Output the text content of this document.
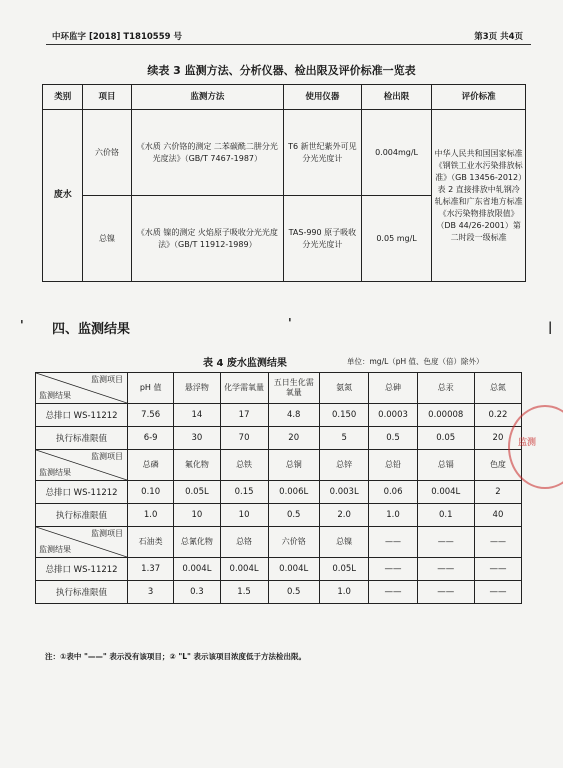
中环监字 [2018] T1810559 号	第3页 共4页
续表 3 监测方法、分析仪器、检出限及评价标准一览表
类别	项目	监测方法	使用仪器	检出限	评价标准
废水	六价铬	《水质 六价铬的测定 二苯碳酰二肼分光光度法》（GB/T 7467-1987）	T6 新世纪紫外可见分光光度计	0.004mg/L	中华人民共和国国家标准《钢铁工业水污染排放标准》（GB 13456-2012）表 2 直接排放中轧钢冷轧标准和广东省地方标准《水污染物排放限值》（DB 44/26-2001）第二时段一级标准
	总镍	《水质 镍的测定 火焰原子吸收分光光度法》（GB/T 11912-1989）	TAS-990 原子吸收分光光度计	0.05 mg/L	
四、监测结果
表 4 废水监测结果	单位：mg/L（pH 值、色度（倍）除外）
监测项目
监测结果	pH 值	悬浮物	化学需氧量	五日生化需氧量	氨氮	总砷	总汞	总氮
总排口 WS-11212	7.56	14	17	4.8	0.150	0.0003	0.00008	0.22
执行标准限值	6-9	30	70	20	5	0.5	0.05	20

监测项目
监测结果	总磷	氟化物	总铁	总铜	总锌	总铅	总镉	色度
总排口 WS-11212	0.10	0.05L	0.15	0.006L	0.003L	0.06	0.004L	2
执行标准限值	1.0	10	10	0.5	2.0	1.0	0.1	40

监测项目
监测结果	石油类	总氰化物	总铬	六价铬	总镍	——	——	——
总排口 WS-11212	1.37	0.004L	0.004L	0.004L	0.05L	——	——	——
执行标准限值	3	0.3	1.5	0.5	1.0	——	——	——
注：①表中 "——" 表示没有该项目；② "L" 表示该项目浓度低于方法检出限。
监测
'	'	|
